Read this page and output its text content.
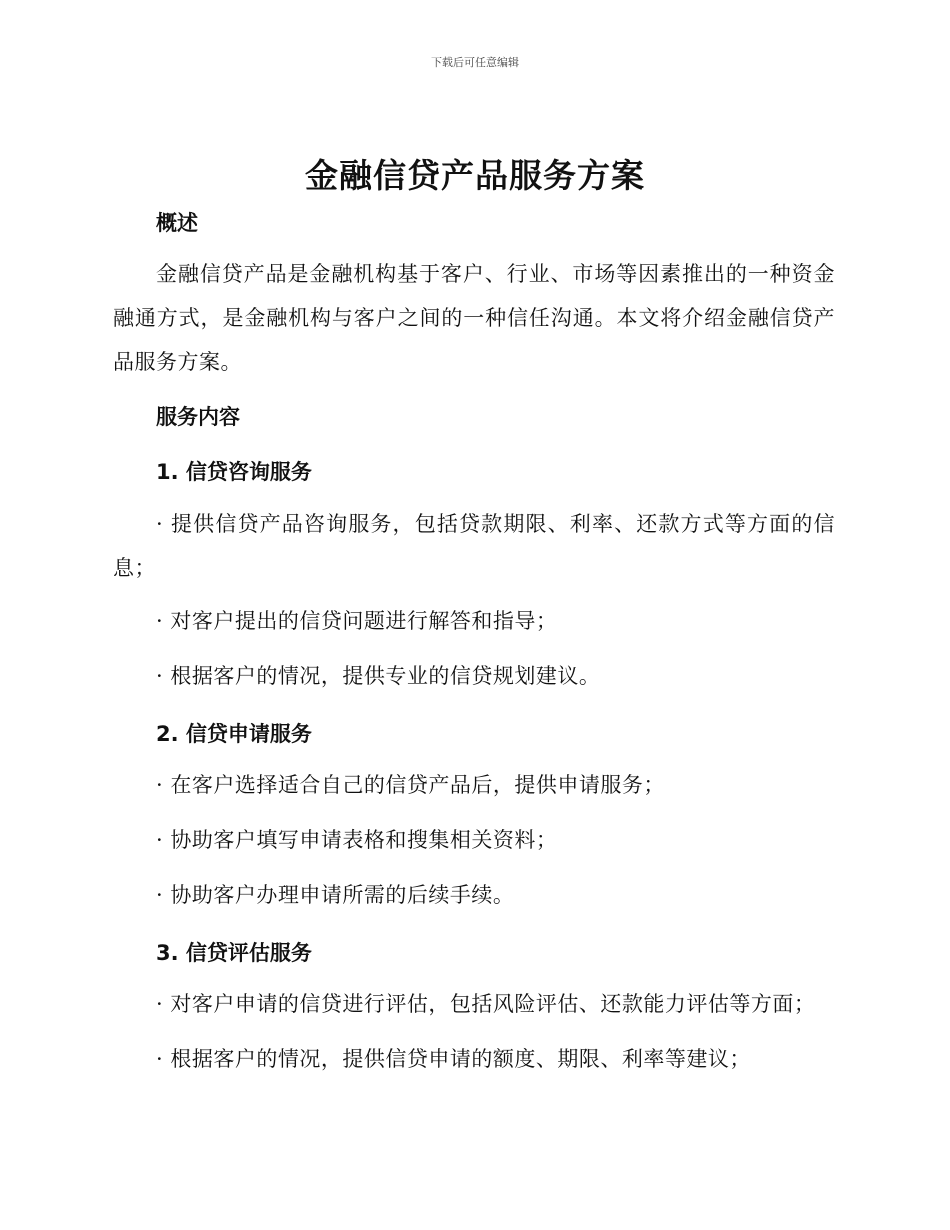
下载后可任意编辑
金融信贷产品服务方案
概述
金融信贷产品是金融机构基于客户、行业、市场等因素推出的一种资金融通方式，是金融机构与客户之间的一种信任沟通。本文将介绍金融信贷产品服务方案。
服务内容
1. 信贷咨询服务
· 提供信贷产品咨询服务，包括贷款期限、利率、还款方式等方面的信息；
· 对客户提出的信贷问题进行解答和指导；
· 根据客户的情况，提供专业的信贷规划建议。
2. 信贷申请服务
· 在客户选择适合自己的信贷产品后，提供申请服务；
· 协助客户填写申请表格和搜集相关资料；
· 协助客户办理申请所需的后续手续。
3. 信贷评估服务
· 对客户申请的信贷进行评估，包括风险评估、还款能力评估等方面；
· 根据客户的情况，提供信贷申请的额度、期限、利率等建议；
